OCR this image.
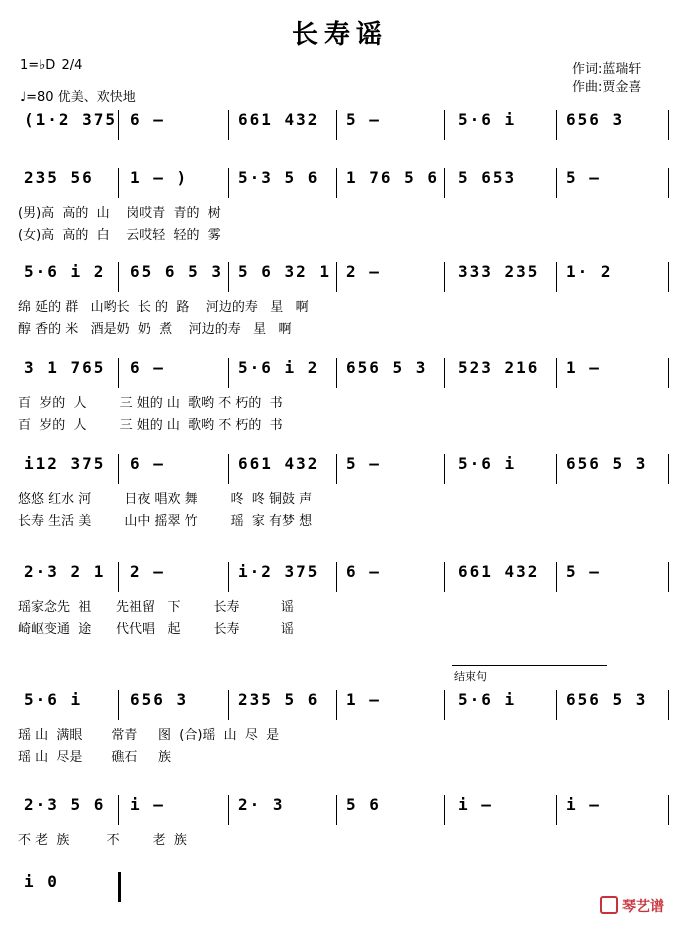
长寿谣
1=♭D 2/4
♩=80 优美、欢快地
作词:蓝瑞轩
作曲:贾金喜
(1·2 375 6 –	661 432 5 –	5·6 i	656 3
235 56 1 – )	5·3 5 6 1 76 5 6 5 653	5 –
(男)高  高的  山    岗哎青  青的  树
(女)高  高的  白    云哎轻  轻的  雾
5·6 i 2 65 6 5 3 5 6 32 1 2 –	333 235 1· 2
绵 延的 群   山哟长  长 的  路    河边的寿   星   啊
醇 香的 米   酒是奶  奶  煮    河边的寿   星   啊
3 1 765 6 –	5·6 i 2 656 5 3 523 216 1 –
百  岁的  人        三 姐的 山  歌哟 不 朽的  书
百  岁的  人        三 姐的 山  歌哟 不 朽的  书
i12 375 6 –	661 432 5 –	5·6 i	656 5 3
悠悠 红水 河        日夜 唱欢 舞        咚  咚 铜鼓 声
长寿 生活 美        山中 摇翠 竹        瑶  家 有梦 想
2·3 2 1 2 –	i·2 375 6 –	661 432 5 –
瑶家念先  祖      先祖留   下        长寿          谣
崎岖变通  途      代代唱   起        长寿          谣
5·6 i	656 3	235 5 6 1 –	5·6 i	656 5 3
瑶 山  满眼       常青     图  (合)瑶  山  尽  是
瑶 山  尽是       礁石     族
2·3 5 6 i –	2· 3	5 6	i –	i –
不 老  族         不        老  族
i 0
结束句
琴艺谱
